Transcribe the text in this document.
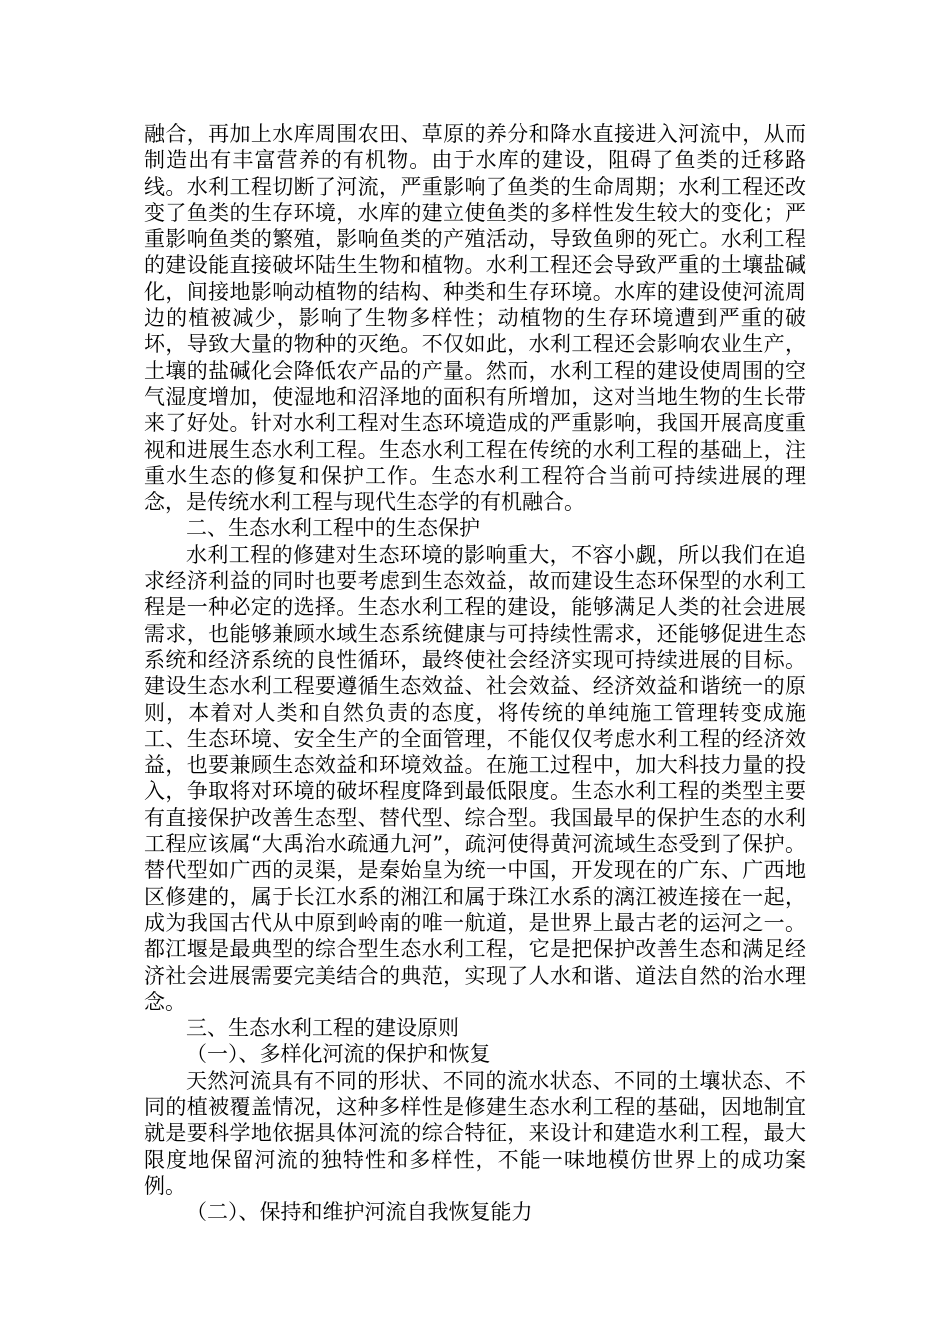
融合，再加上水库周围农田、草原的养分和降水直接进入河流中，从而制造出有丰富营养的有机物。由于水库的建设，阻碍了鱼类的迁移路线。水利工程切断了河流，严重影响了鱼类的生命周期；水利工程还改变了鱼类的生存环境，水库的建立使鱼类的多样性发生较大的变化；严重影响鱼类的繁殖，影响鱼类的产殖活动，导致鱼卵的死亡。水利工程的建设能直接破坏陆生生物和植物。水利工程还会导致严重的土壤盐碱化，间接地影响动植物的结构、种类和生存环境。水库的建设使河流周边的植被减少，影响了生物多样性；动植物的生存环境遭到严重的破坏，导致大量的物种的灭绝。不仅如此，水利工程还会影响农业生产，土壤的盐碱化会降低农产品的产量。然而，水利工程的建设使周围的空气湿度增加，使湿地和沼泽地的面积有所增加，这对当地生物的生长带来了好处。针对水利工程对生态环境造成的严重影响，我国开展高度重视和进展生态水利工程。生态水利工程在传统的水利工程的基础上，注重水生态的修复和保护工作。生态水利工程符合当前可持续进展的理念，是传统水利工程与现代生态学的有机融合。

二、生态水利工程中的生态保护

水利工程的修建对生态环境的影响重大，不容小觑，所以我们在追求经济利益的同时也要考虑到生态效益，故而建设生态环保型的水利工程是一种必定的选择。生态水利工程的建设，能够满足人类的社会进展需求，也能够兼顾水域生态系统健康与可持续性需求，还能够促进生态系统和经济系统的良性循环，最终使社会经济实现可持续进展的目标。建设生态水利工程要遵循生态效益、社会效益、经济效益和谐统一的原则，本着对人类和自然负责的态度，将传统的单纯施工管理转变成施工、生态环境、安全生产的全面管理，不能仅仅考虑水利工程的经济效益，也要兼顾生态效益和环境效益。在施工过程中，加大科技力量的投入，争取将对环境的破坏程度降到最低限度。生态水利工程的类型主要有直接保护改善生态型、替代型、综合型。我国最早的保护生态的水利工程应该属“大禹治水疏通九河”，疏河使得黄河流域生态受到了保护。替代型如广西的灵渠，是秦始皇为统一中国，开发现在的广东、广西地区修建的，属于长江水系的湘江和属于珠江水系的漓江被连接在一起，成为我国古代从中原到岭南的唯一航道，是世界上最古老的运河之一。都江堰是最典型的综合型生态水利工程，它是把保护改善生态和满足经济社会进展需要完美结合的典范，实现了人水和谐、道法自然的治水理念。

三、生态水利工程的建设原则

（一）、多样化河流的保护和恢复

天然河流具有不同的形状、不同的流水状态、不同的土壤状态、不同的植被覆盖情况，这种多样性是修建生态水利工程的基础，因地制宜就是要科学地依据具体河流的综合特征，来设计和建造水利工程，最大限度地保留河流的独特性和多样性，不能一味地模仿世界上的成功案例。

（二）、保持和维护河流自我恢复能力
